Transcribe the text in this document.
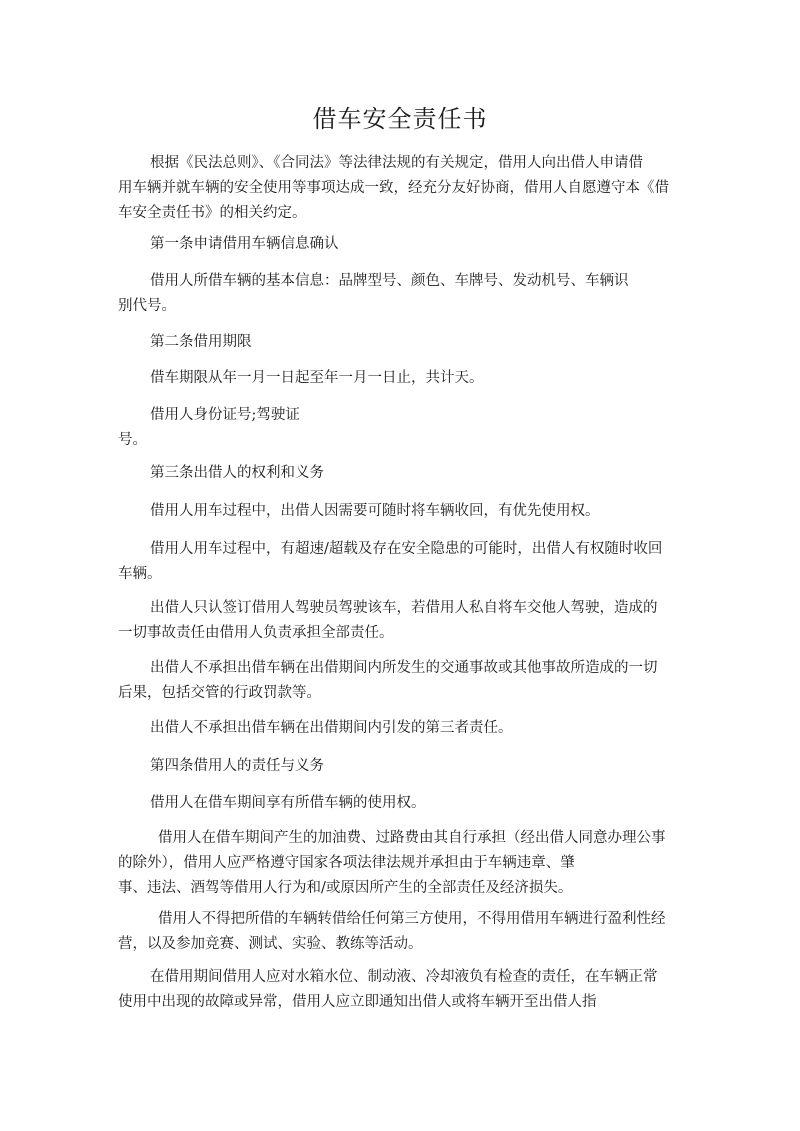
借车安全责任书
根据《民法总则》、《合同法》等法律法规的有关规定，借用人向出借人申请借
用车辆并就车辆的安全使用等事项达成一致，经充分友好协商，借用人自愿遵守本《借
车安全责任书》的相关约定。
第一条申请借用车辆信息确认
借用人所借车辆的基本信息：品牌型号、颜色、车牌号、发动机号、车辆识
别代号。
第二条借用期限
借车期限从年一月一日起至年一月一日止，共计天。
借用人身份证号;驾驶证
号。
第三条出借人的权利和义务
借用人用车过程中，出借人因需要可随时将车辆收回，有优先使用权。
借用人用车过程中，有超速/超载及存在安全隐患的可能时，出借人有权随时收回
车辆。
出借人只认签订借用人驾驶员驾驶该车，若借用人私自将车交他人驾驶，造成的
一切事故责任由借用人负责承担全部责任。
出借人不承担出借车辆在出借期间内所发生的交通事故或其他事故所造成的一切
后果，包括交管的行政罚款等。
出借人不承担出借车辆在出借期间内引发的第三者责任。
第四条借用人的责任与义务
借用人在借车期间享有所借车辆的使用权。
借用人在借车期间产生的加油费、过路费由其自行承担（经出借人同意办理公事
的除外），借用人应严格遵守国家各项法律法规并承担由于车辆违章、肇
事、违法、酒驾等借用人行为和/或原因所产生的全部责任及经济损失。
借用人不得把所借的车辆转借给任何第三方使用，不得用借用车辆进行盈利性经
营，以及参加竞赛、测试、实验、教练等活动。
在借用期间借用人应对水箱水位、制动液、冷却液负有检查的责任，在车辆正常
使用中出现的故障或异常，借用人应立即通知出借人或将车辆开至出借人指
